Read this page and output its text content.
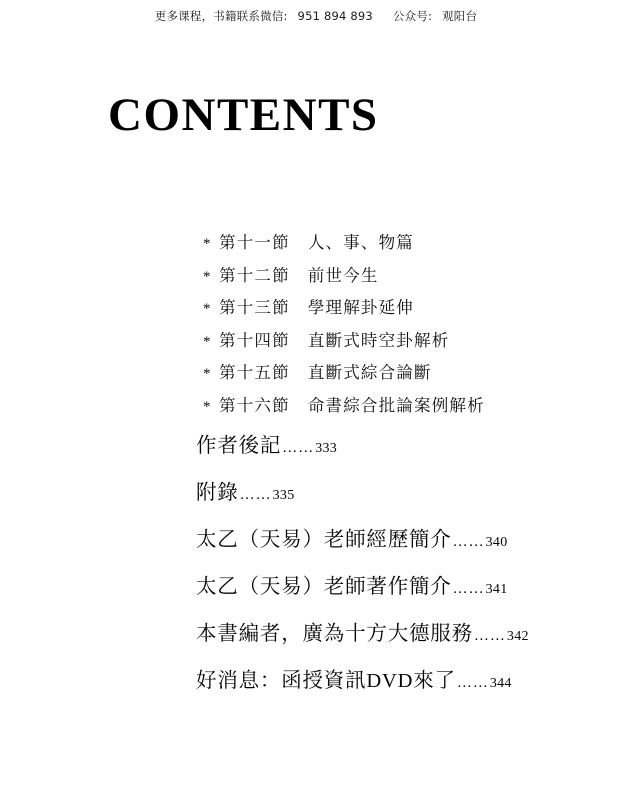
更多课程，书籍联系微信: 951 894 893 公众号: 观阳台
CONTENTS
* 第十一節 人、事、物篇
* 第十二節 前世今生
* 第十三節 學理解卦延伸
* 第十四節 直斷式時空卦解析
* 第十五節 直斷式綜合論斷
* 第十六節 命書綜合批論案例解析
作者後記……333
附錄……335
太乙（天易）老師經歷簡介……340
太乙（天易）老師著作簡介……341
本書編者，廣為十方大德服務……342
好消息：函授資訊DVD來了……344
